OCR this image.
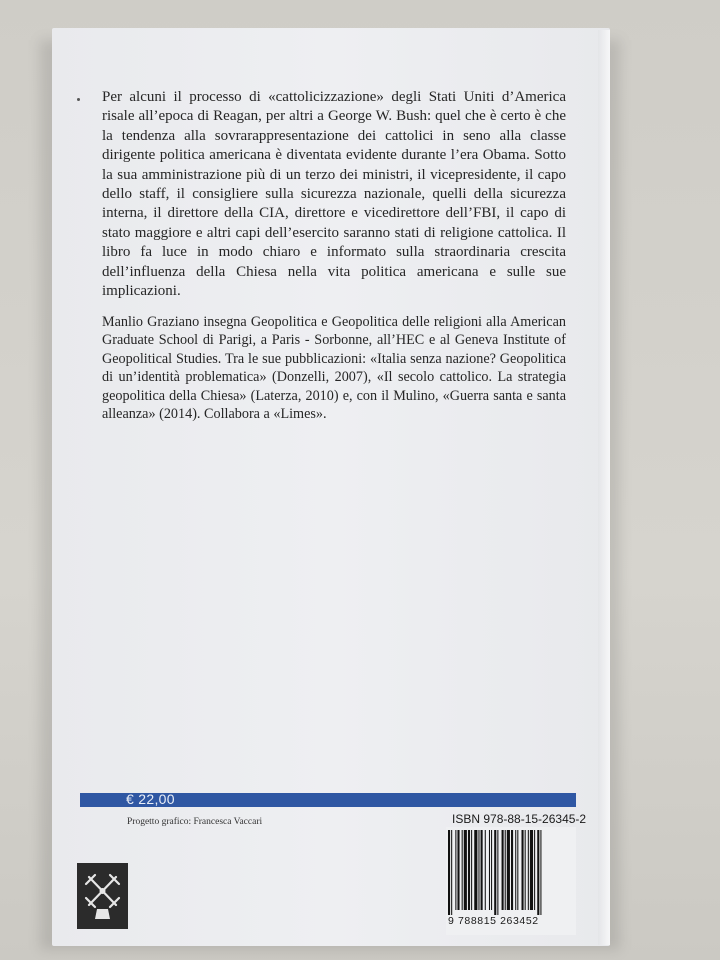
Per alcuni il processo di «cattolicizzazione» degli Stati Uniti d’America risale all’epoca di Reagan, per altri a George W. Bush: quel che è certo è che la tendenza alla sovrarappresentazione dei cattolici in seno alla classe dirigente politica americana è diventata evidente durante l’era Obama. Sotto la sua amministrazione più di un terzo dei ministri, il vicepresidente, il capo dello staff, il consigliere sulla sicurezza nazionale, quelli della sicurezza interna, il direttore della CIA, direttore e vicedirettore dell’FBI, il capo di stato maggiore e altri capi dell’esercito saranno stati di religione cattolica. Il libro fa luce in modo chiaro e informato sulla straordinaria crescita dell’influenza della Chiesa nella vita politica americana e sulle sue implicazioni.

Manlio Graziano insegna Geopolitica e Geopolitica delle religioni alla American Graduate School di Parigi, a Paris - Sorbonne, all’HEC e al Geneva Institute of Geopolitical Studies. Tra le sue pubblicazioni: «Italia senza nazione? Geopolitica di un’identità problematica» (Donzelli, 2007), «Il secolo cattolico. La strategia geopolitica della Chiesa» (Laterza, 2010) e, con il Mulino, «Guerra santa e santa alleanza» (2014). Collabora a «Limes».

€ 22,00
Progetto grafico: Francesca Vaccari	ISBN 978-88-15-26345-2
9 788815 263452
